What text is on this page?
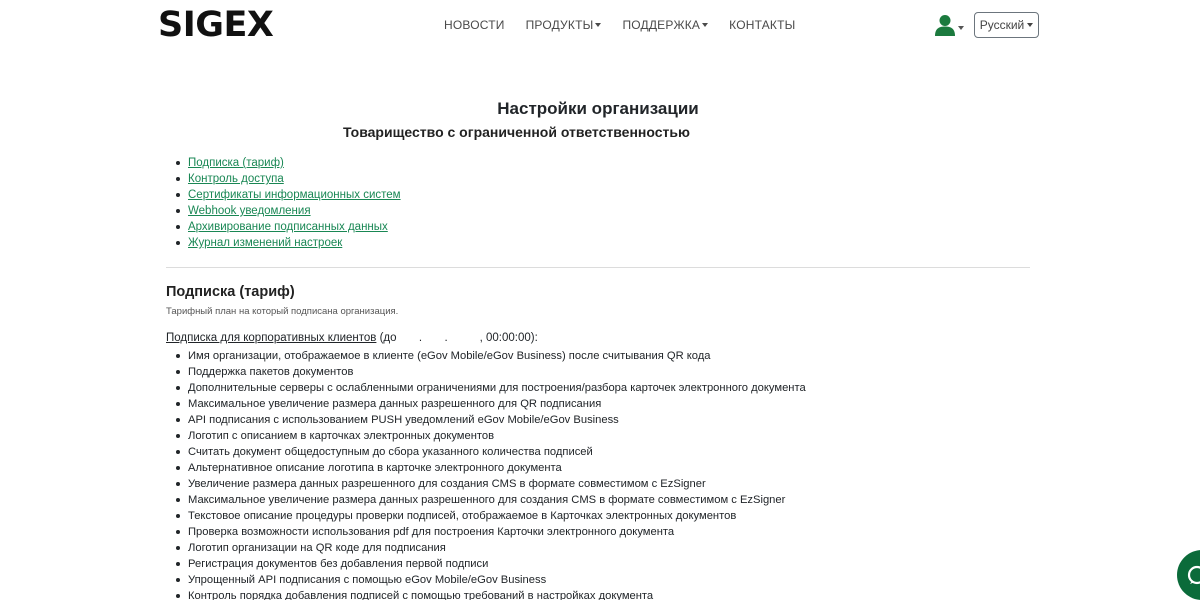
SIGEX	НОВОСТИ ПРОДУКТЫ	ПОДДЕРЖКА	КОНТАКТЫ	Русский
Настройки организации
Товарищество с ограниченной ответственностью
Подписка (тариф)
Контроль доступа
Сертификаты информационных систем
Webhook уведомления
Архивирование подписанных данных
Журнал изменений настроек
Подписка (тариф)
Тарифный план на который подписана организация.
Подписка для корпоративных клиентов (до       .       .          , 00:00:00):
Имя организации, отображаемое в клиенте (eGov Mobile/eGov Business) после считывания QR кода
Поддержка пакетов документов
Дополнительные серверы с ослабленными ограничениями для построения/разбора карточек электронного документа
Максимальное увеличение размера данных разрешенного для QR подписания
API подписания с использованием PUSH уведомлений eGov Mobile/eGov Business
Логотип с описанием в карточках электронных документов
Считать документ общедоступным до сбора указанного количества подписей
Альтернативное описание логотипа в карточке электронного документа
Увеличение размера данных разрешенного для создания CMS в формате совместимом с EzSigner
Максимальное увеличение размера данных разрешенного для создания CMS в формате совместимом с EzSigner
Текстовое описание процедуры проверки подписей, отображаемое в Карточках электронных документов
Проверка возможности использования pdf для построения Карточки электронного документа
Логотип организации на QR коде для подписания
Регистрация документов без добавления первой подписи
Упрощенный API подписания с помощью eGov Mobile/eGov Business
Контроль порядка добавления подписей с помощью требований в настройках документа
